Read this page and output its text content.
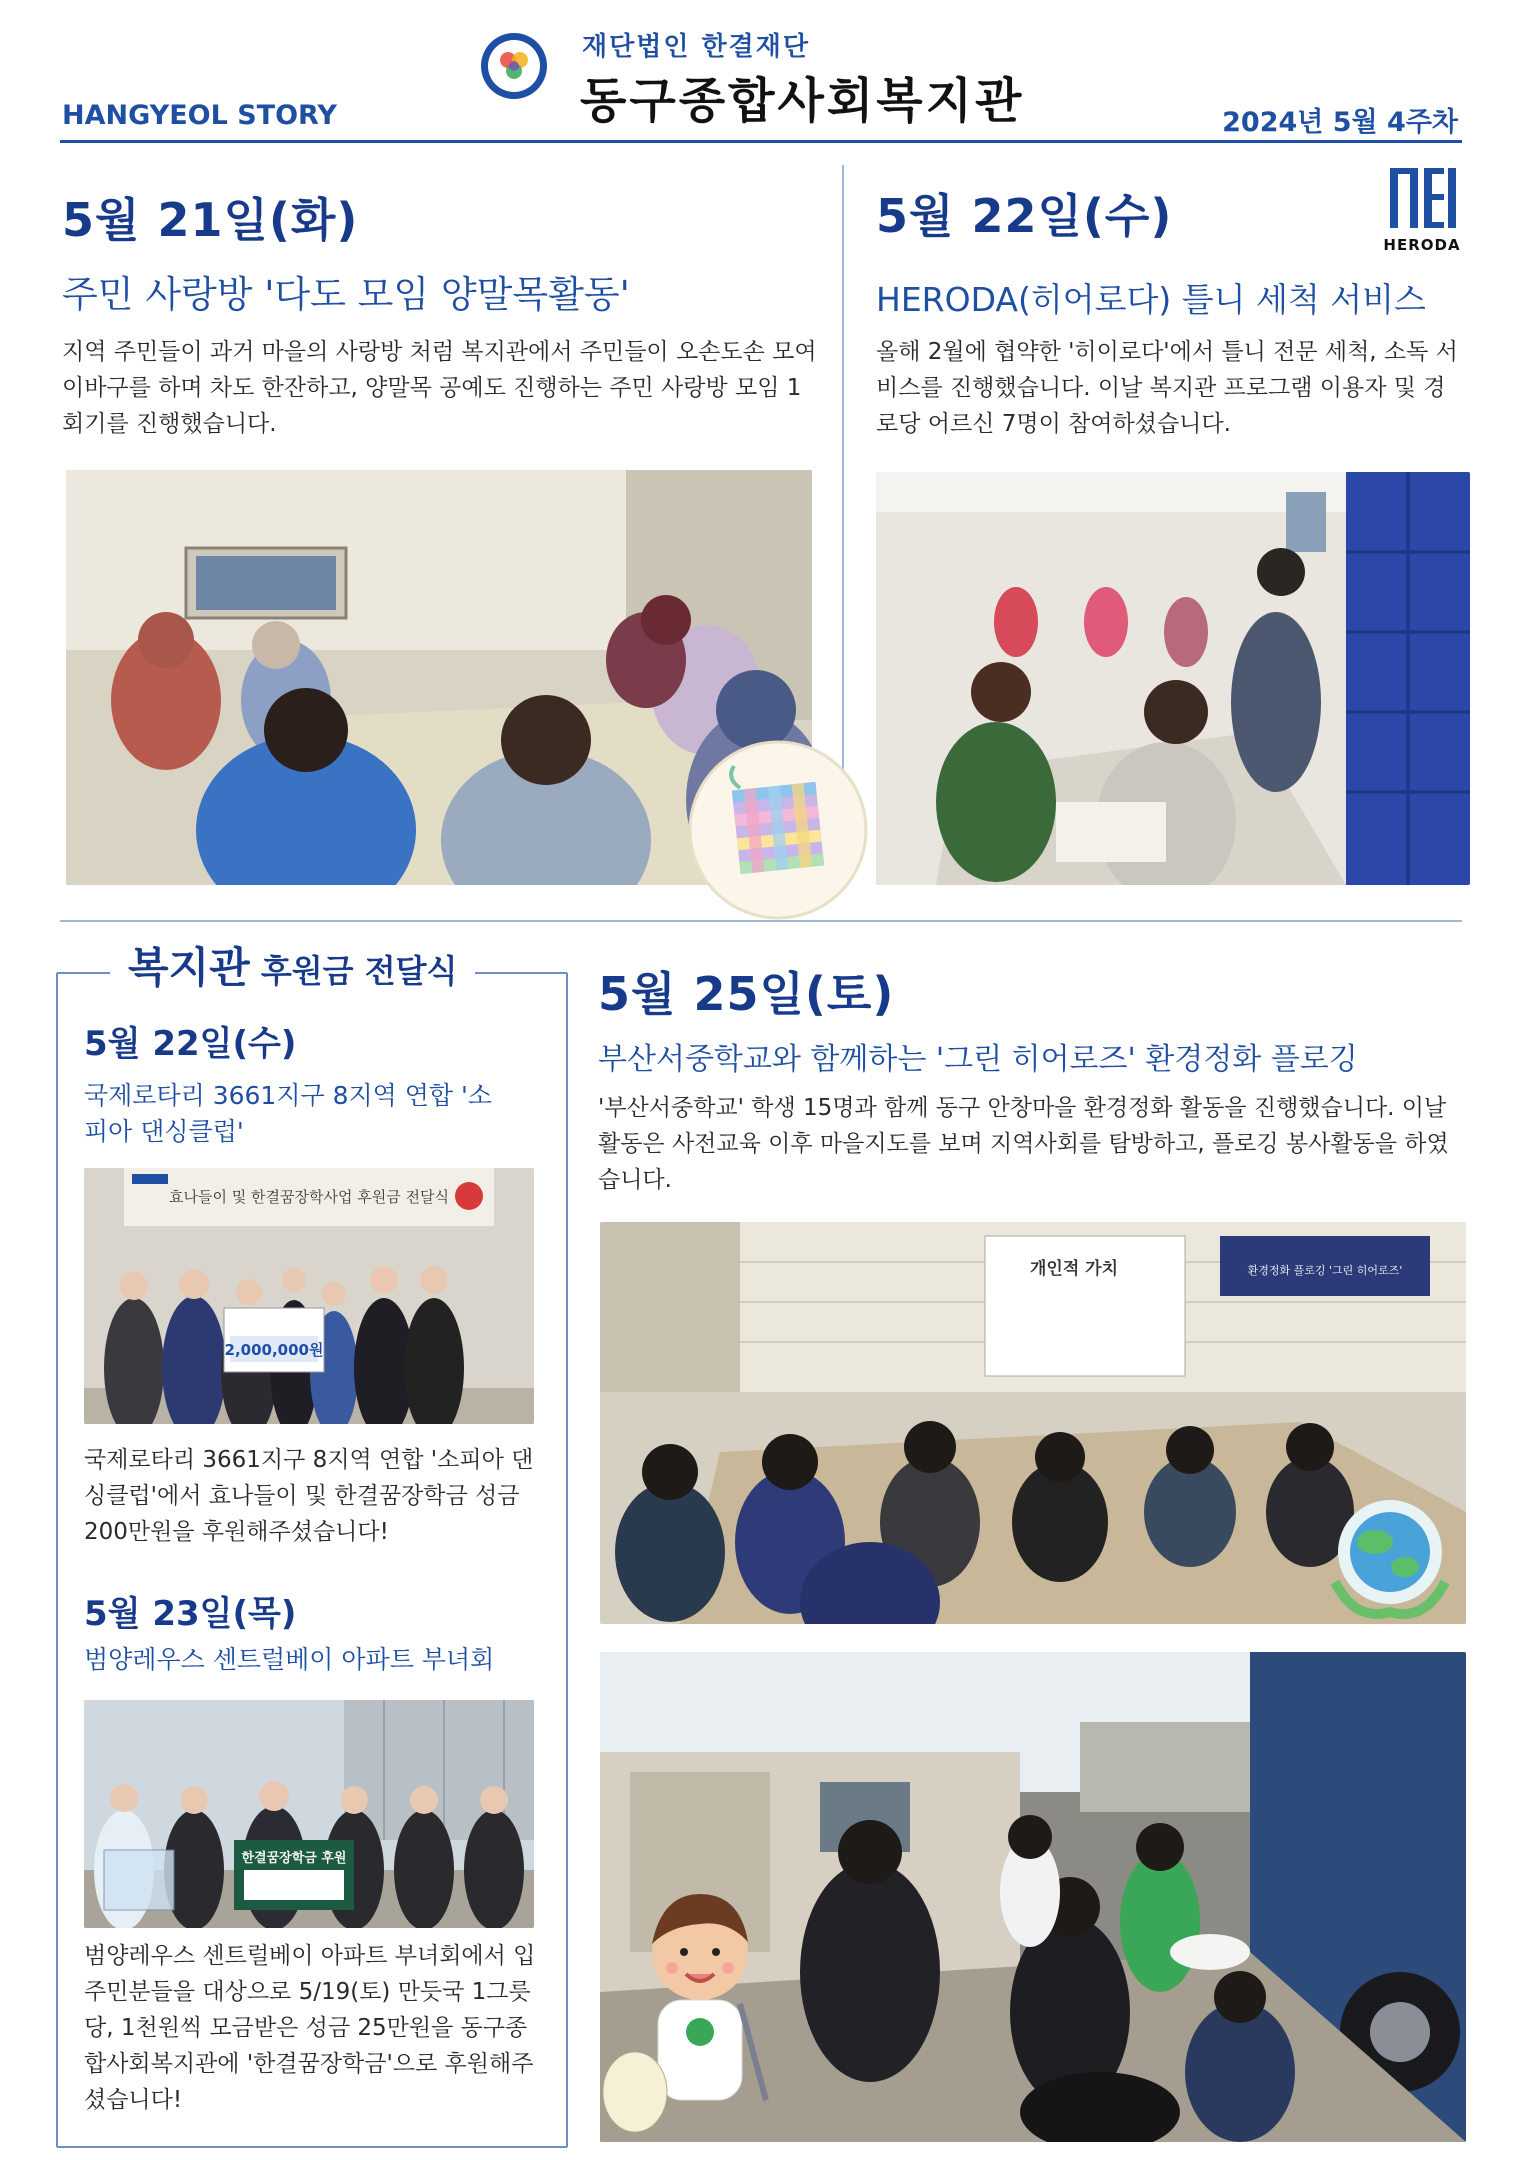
재단법인 한결재단
동구종합사회복지관
HANGYEOL STORY	2024년 5월 4주차
5월 21일(화)
주민 사랑방 '다도 모임 양말목활동'
지역 주민들이 과거 마을의 사랑방 처럼 복지관에서 주민들이 오손도손 모여 이바구를 하며 차도 한잔하고, 양말목 공예도 진행하는 주민 사랑방 모임 1회기를 진행했습니다.
5월 22일(수)
HERODA
HERODA(히어로다) 틀니 세척 서비스
올해 2월에 협약한 '히이로다'에서 틀니 전문 세척, 소독 서비스를 진행했습니다. 이날 복지관 프로그램 이용자 및 경로당 어르신 7명이 참여하셨습니다.
복지관 후원금 전달식
5월 22일(수)
국제로타리 3661지구 8지역 연합 '소피아 댄싱클럽'
효나들이 및 한결꿈장학사업 후원금 전달식
2,000,000원
국제로타리 3661지구 8지역 연합 '소피아 댄싱클럽'에서 효나들이 및 한결꿈장학금 성금 200만원을 후원해주셨습니다!
5월 23일(목)
범양레우스 센트럴베이 아파트 부녀회
한결꿈장학금 후원
범양레우스 센트럴베이 아파트 부녀회에서 입주민분들을 대상으로 5/19(토) 만듯국 1그릇 당, 1천원씩 모금받은 성금 25만원을 동구종합사회복지관에 '한결꿈장학금'으로 후원해주셨습니다!
5월 25일(토)
부산서중학교와 함께하는 '그린 히어로즈' 환경정화 플로깅
'부산서중학교' 학생 15명과 함께 동구 안창마을 환경정화 활동을 진행했습니다. 이날 활동은 사전교육 이후 마을지도를 보며 지역사회를 탐방하고, 플로깅 봉사활동을 하였습니다.
개인적 가치	환경정화 플로깅 '그린 히어로즈'
